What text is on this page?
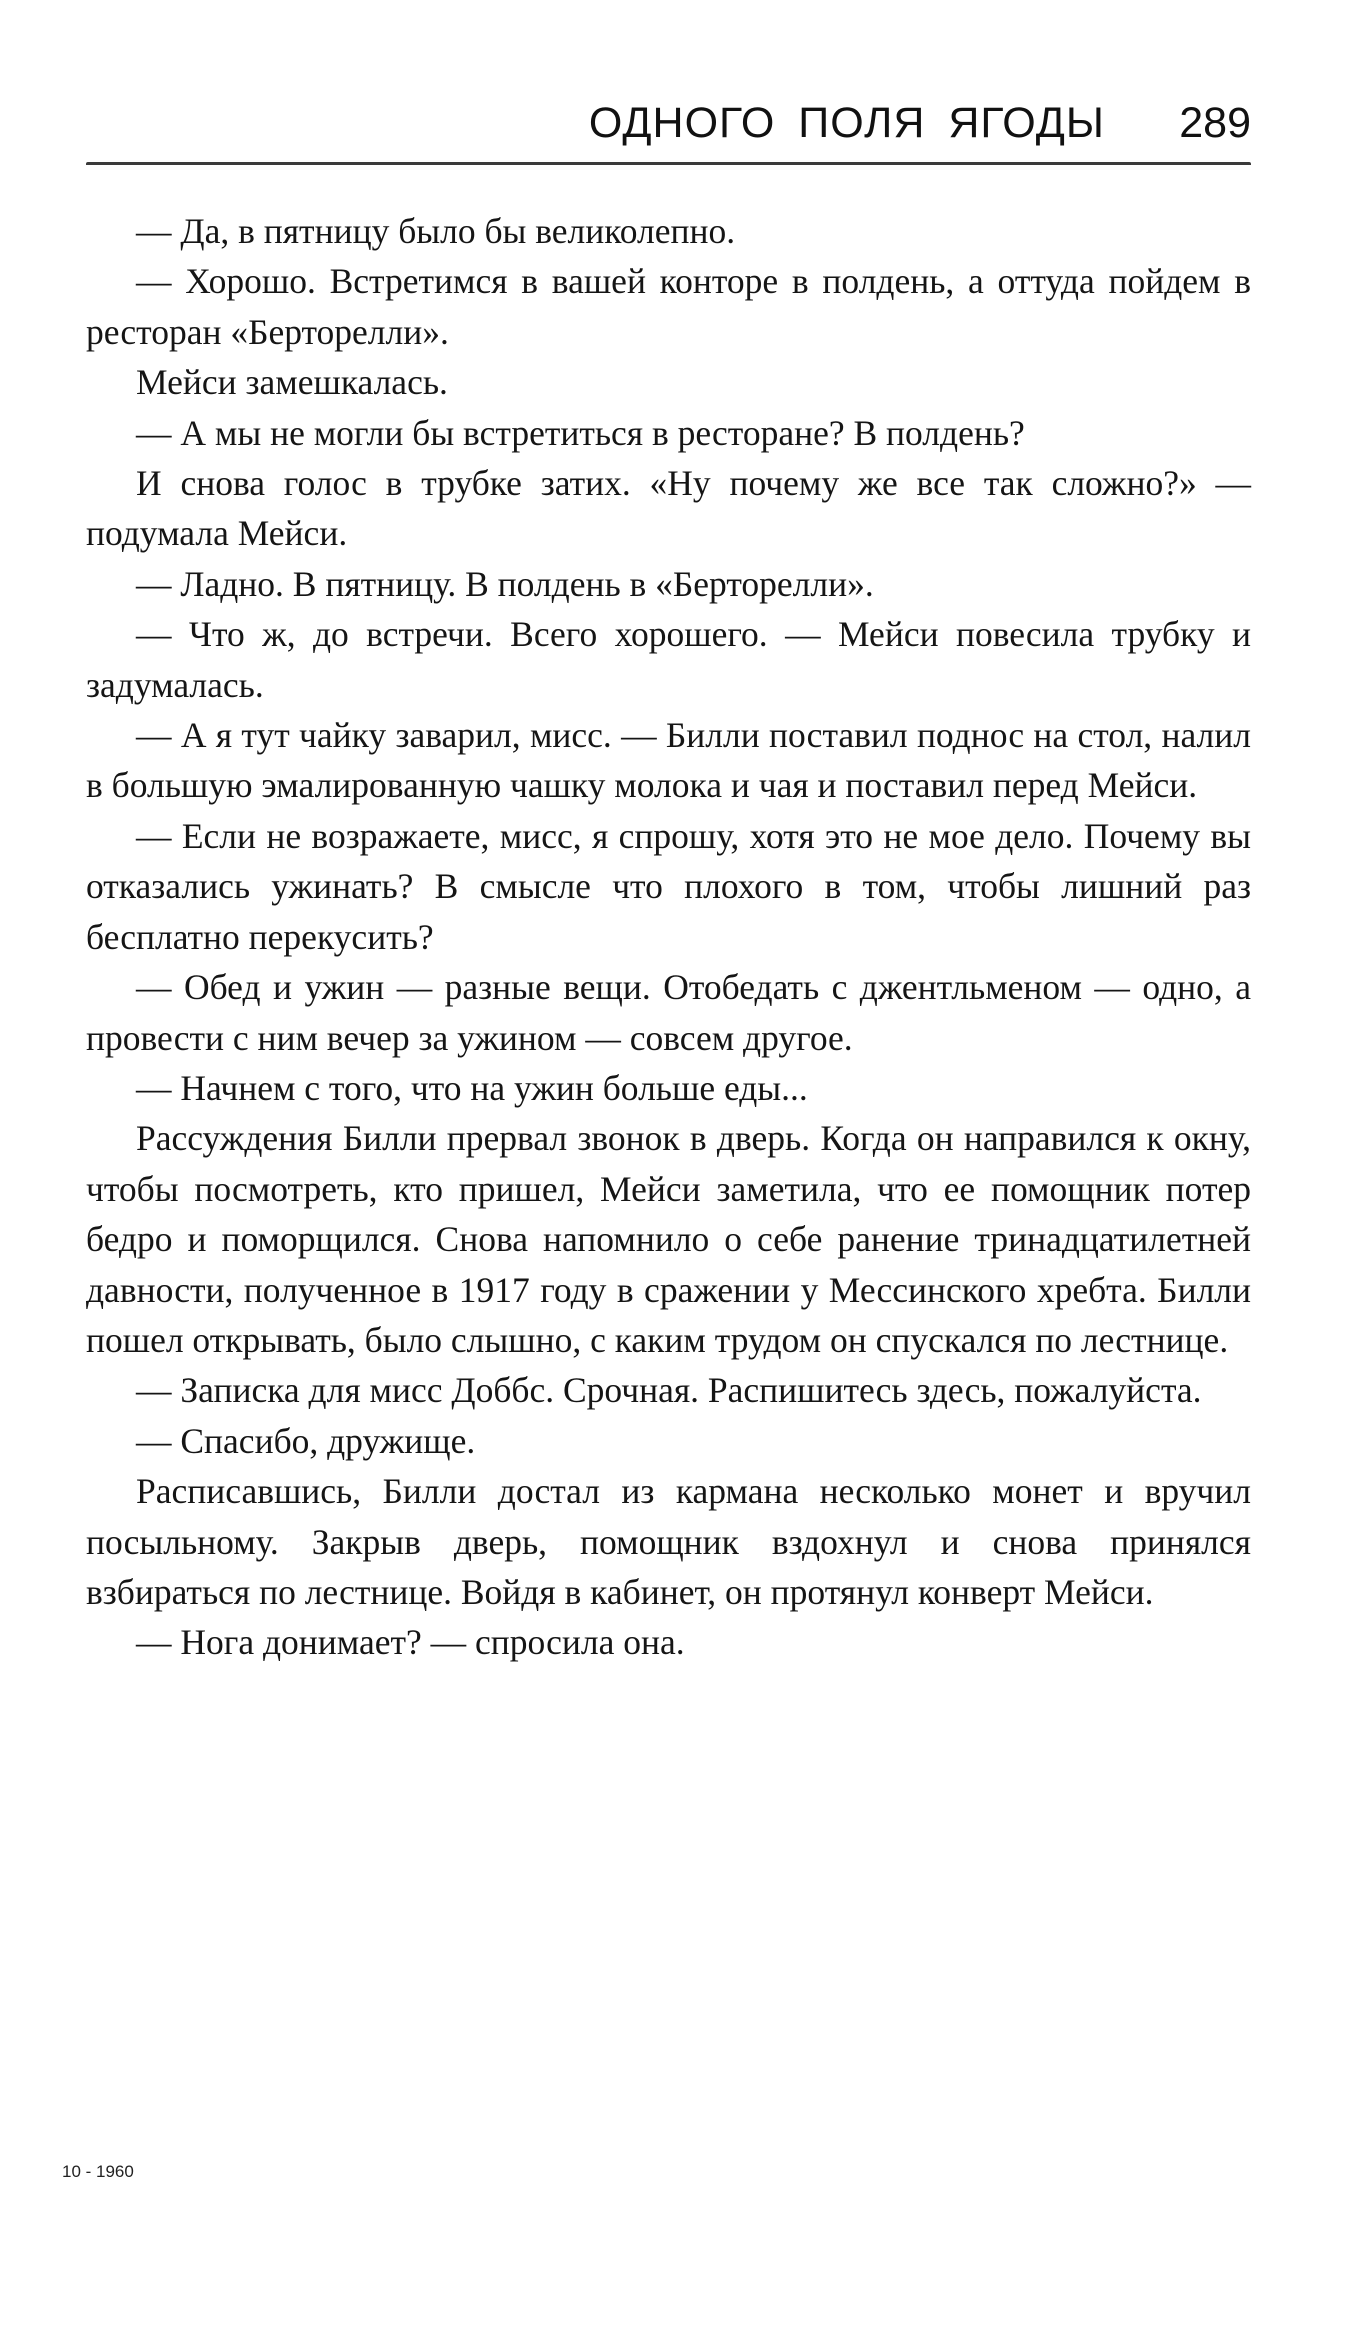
ОДНОГО ПОЛЯ ЯГОДЫ 289

— Да, в пятницу было бы великолепно.

— Хорошо. Встретимся в вашей конторе в полдень, а оттуда пойдем в ресторан «Берторелли».

Мейси замешкалась.

— А мы не могли бы встретиться в ресторане? В полдень?

И снова голос в трубке затих. «Ну почему же все так сложно?» — подумала Мейси.

— Ладно. В пятницу. В полдень в «Берторелли».

— Что ж, до встречи. Всего хорошего. — Мейси повесила трубку и задумалась.

— А я тут чайку заварил, мисс. — Билли поставил поднос на стол, налил в большую эмалированную чашку молока и чая и поставил перед Мейси.

— Если не возражаете, мисс, я спрошу, хотя это не мое дело. Почему вы отказались ужинать? В смысле что плохого в том, чтобы лишний раз бесплатно перекусить?

— Обед и ужин — разные вещи. Отобедать с джентльменом — одно, а провести с ним вечер за ужином — совсем другое.

— Начнем с того, что на ужин больше еды...

Рассуждения Билли прервал звонок в дверь. Когда он направился к окну, чтобы посмотреть, кто пришел, Мейси заметила, что ее помощник потер бедро и поморщился. Снова напомнило о себе ранение тринадцатилетней давности, полученное в 1917 году в сражении у Мессинского хребта. Билли пошел открывать, было слышно, с каким трудом он спускался по лестнице.

— Записка для мисс Доббс. Срочная. Распишитесь здесь, пожалуйста.

— Спасибо, дружище.

Расписавшись, Билли достал из кармана несколько монет и вручил посыльному. Закрыв дверь, помощник вздохнул и снова принялся взбираться по лестнице. Войдя в кабинет, он протянул конверт Мейси.

— Нога донимает? — спросила она.

10 - 1960
